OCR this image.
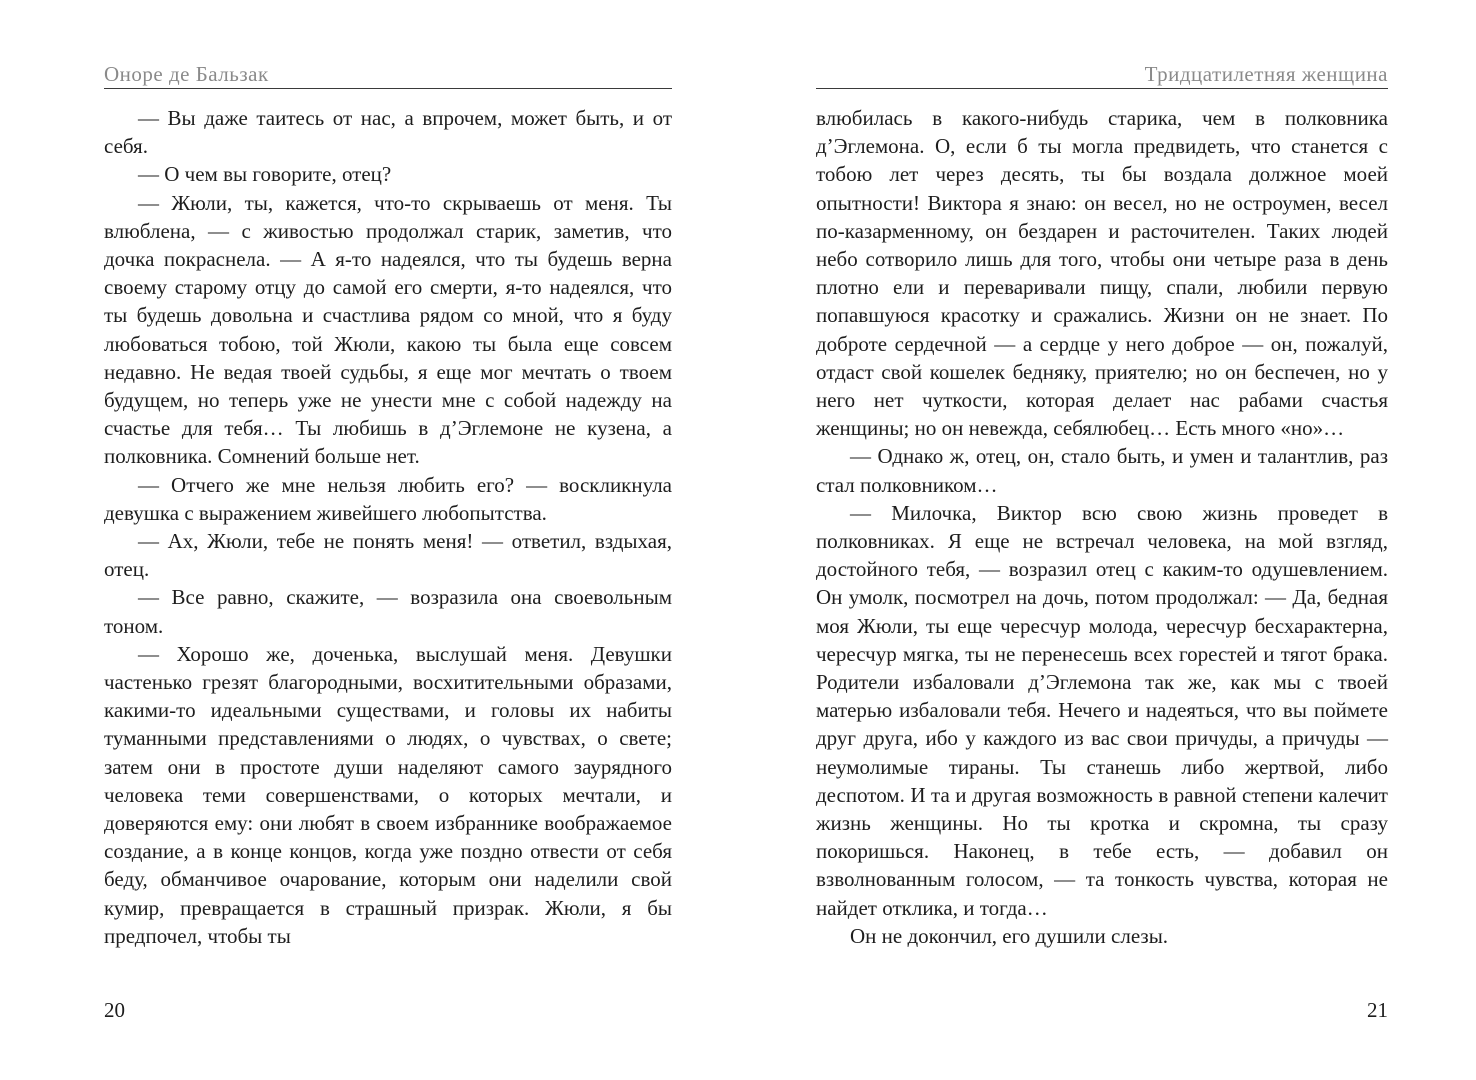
Оноре де Бальзак

— Вы даже таитесь от нас, а впрочем, может быть, и от себя.

— О чем вы говорите, отец?

— Жюли, ты, кажется, что-то скрываешь от меня. Ты влюблена, — с живостью продолжал старик, заметив, что дочка покраснела. — А я-то надеялся, что ты будешь верна своему старому отцу до самой его смерти, я-то надеялся, что ты будешь довольна и счастлива рядом со мной, что я буду любоваться тобою, той Жюли, какою ты была еще совсем недавно. Не ведая твоей судьбы, я еще мог мечтать о твоем будущем, но теперь уже не унести мне с собой надежду на счастье для тебя… Ты любишь в д’Эглемоне не кузена, а полковника. Сомнений больше нет.

— Отчего же мне нельзя любить его? — воскликнула девушка с выражением живейшего любопытства.

— Ах, Жюли, тебе не понять меня! — ответил, вздыхая, отец.

— Все равно, скажите, — возразила она своевольным тоном.

— Хорошо же, доченька, выслушай меня. Девушки частенько грезят благородными, восхитительными образами, какими-то идеальными существами, и головы их набиты туманными представлениями о людях, о чувствах, о свете; затем они в простоте души наделяют самого заурядного человека теми совершенствами, о которых мечтали, и доверяются ему: они любят в своем избраннике воображаемое создание, а в конце концов, когда уже поздно отвести от себя беду, обманчивое очарование, которым они наделили свой кумир, превращается в страшный призрак. Жюли, я бы предпочел, чтобы ты

20
Тридцатилетняя женщина

влюбилась в какого-нибудь старика, чем в полковника д’Эглемона. О, если б ты могла предвидеть, что станется с тобою лет через десять, ты бы воздала должное моей опытности! Виктора я знаю: он весел, но не остроумен, весел по-казарменному, он бездарен и расточителен. Таких людей небо сотворило лишь для того, чтобы они четыре раза в день плотно ели и переваривали пищу, спали, любили первую попавшуюся красотку и сражались. Жизни он не знает. По доброте сердечной — а сердце у него доброе — он, пожалуй, отдаст свой кошелек бедняку, приятелю; но он беспечен, но у него нет чуткости, которая делает нас рабами счастья женщины; но он невежда, себялюбец… Есть много «но»…

— Однако ж, отец, он, стало быть, и умен и талантлив, раз стал полковником…

— Милочка, Виктор всю свою жизнь проведет в полковниках. Я еще не встречал человека, на мой взгляд, достойного тебя, — возразил отец с каким-то одушевлением. Он умолк, посмотрел на дочь, потом продолжал: — Да, бедная моя Жюли, ты еще чересчур молода, чересчур бесхарактерна, чересчур мягка, ты не перенесешь всех горестей и тягот брака. Родители избаловали д’Эглемона так же, как мы с твоей матерью избаловали тебя. Нечего и надеяться, что вы поймете друг друга, ибо у каждого из вас свои причуды, а причуды — неумолимые тираны. Ты станешь либо жертвой, либо деспотом. И та и другая возможность в равной степени калечит жизнь женщины. Но ты кротка и скромна, ты сразу покоришься. Наконец, в тебе есть, — добавил он взволнованным голосом, — та тонкость чувства, которая не найдет отклика, и тогда…

Он не докончил, его душили слезы.

21
